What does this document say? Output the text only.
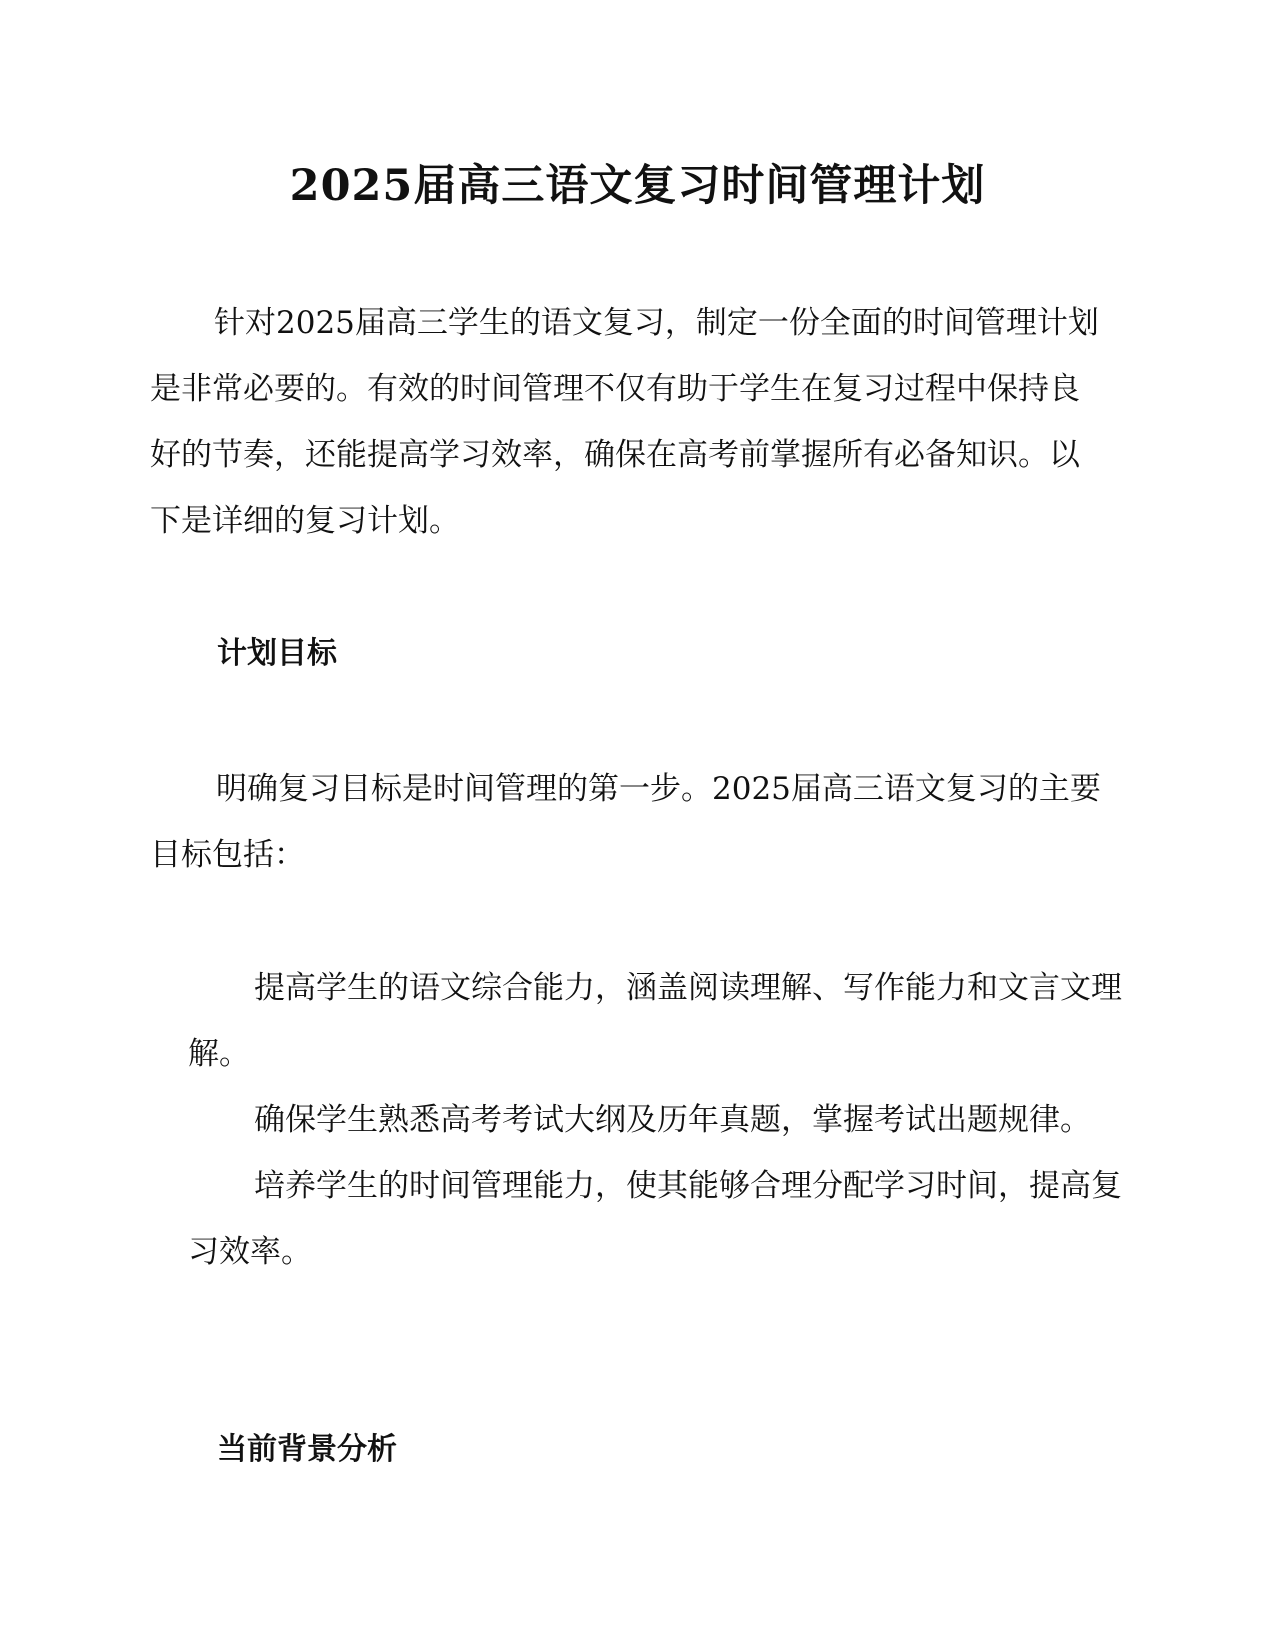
2025届高三语文复习时间管理计划

针对2025届高三学生的语文复习，制定一份全面的时间管理计划是非常必要的。有效的时间管理不仅有助于学生在复习过程中保持良好的节奏，还能提高学习效率，确保在高考前掌握所有必备知识。以下是详细的复习计划。

计划目标

明确复习目标是时间管理的第一步。2025届高三语文复习的主要目标包括：

提高学生的语文综合能力，涵盖阅读理解、写作能力和文言文理解。
确保学生熟悉高考考试大纲及历年真题，掌握考试出题规律。
培养学生的时间管理能力，使其能够合理分配学习时间，提高复习效率。
当前背景分析
